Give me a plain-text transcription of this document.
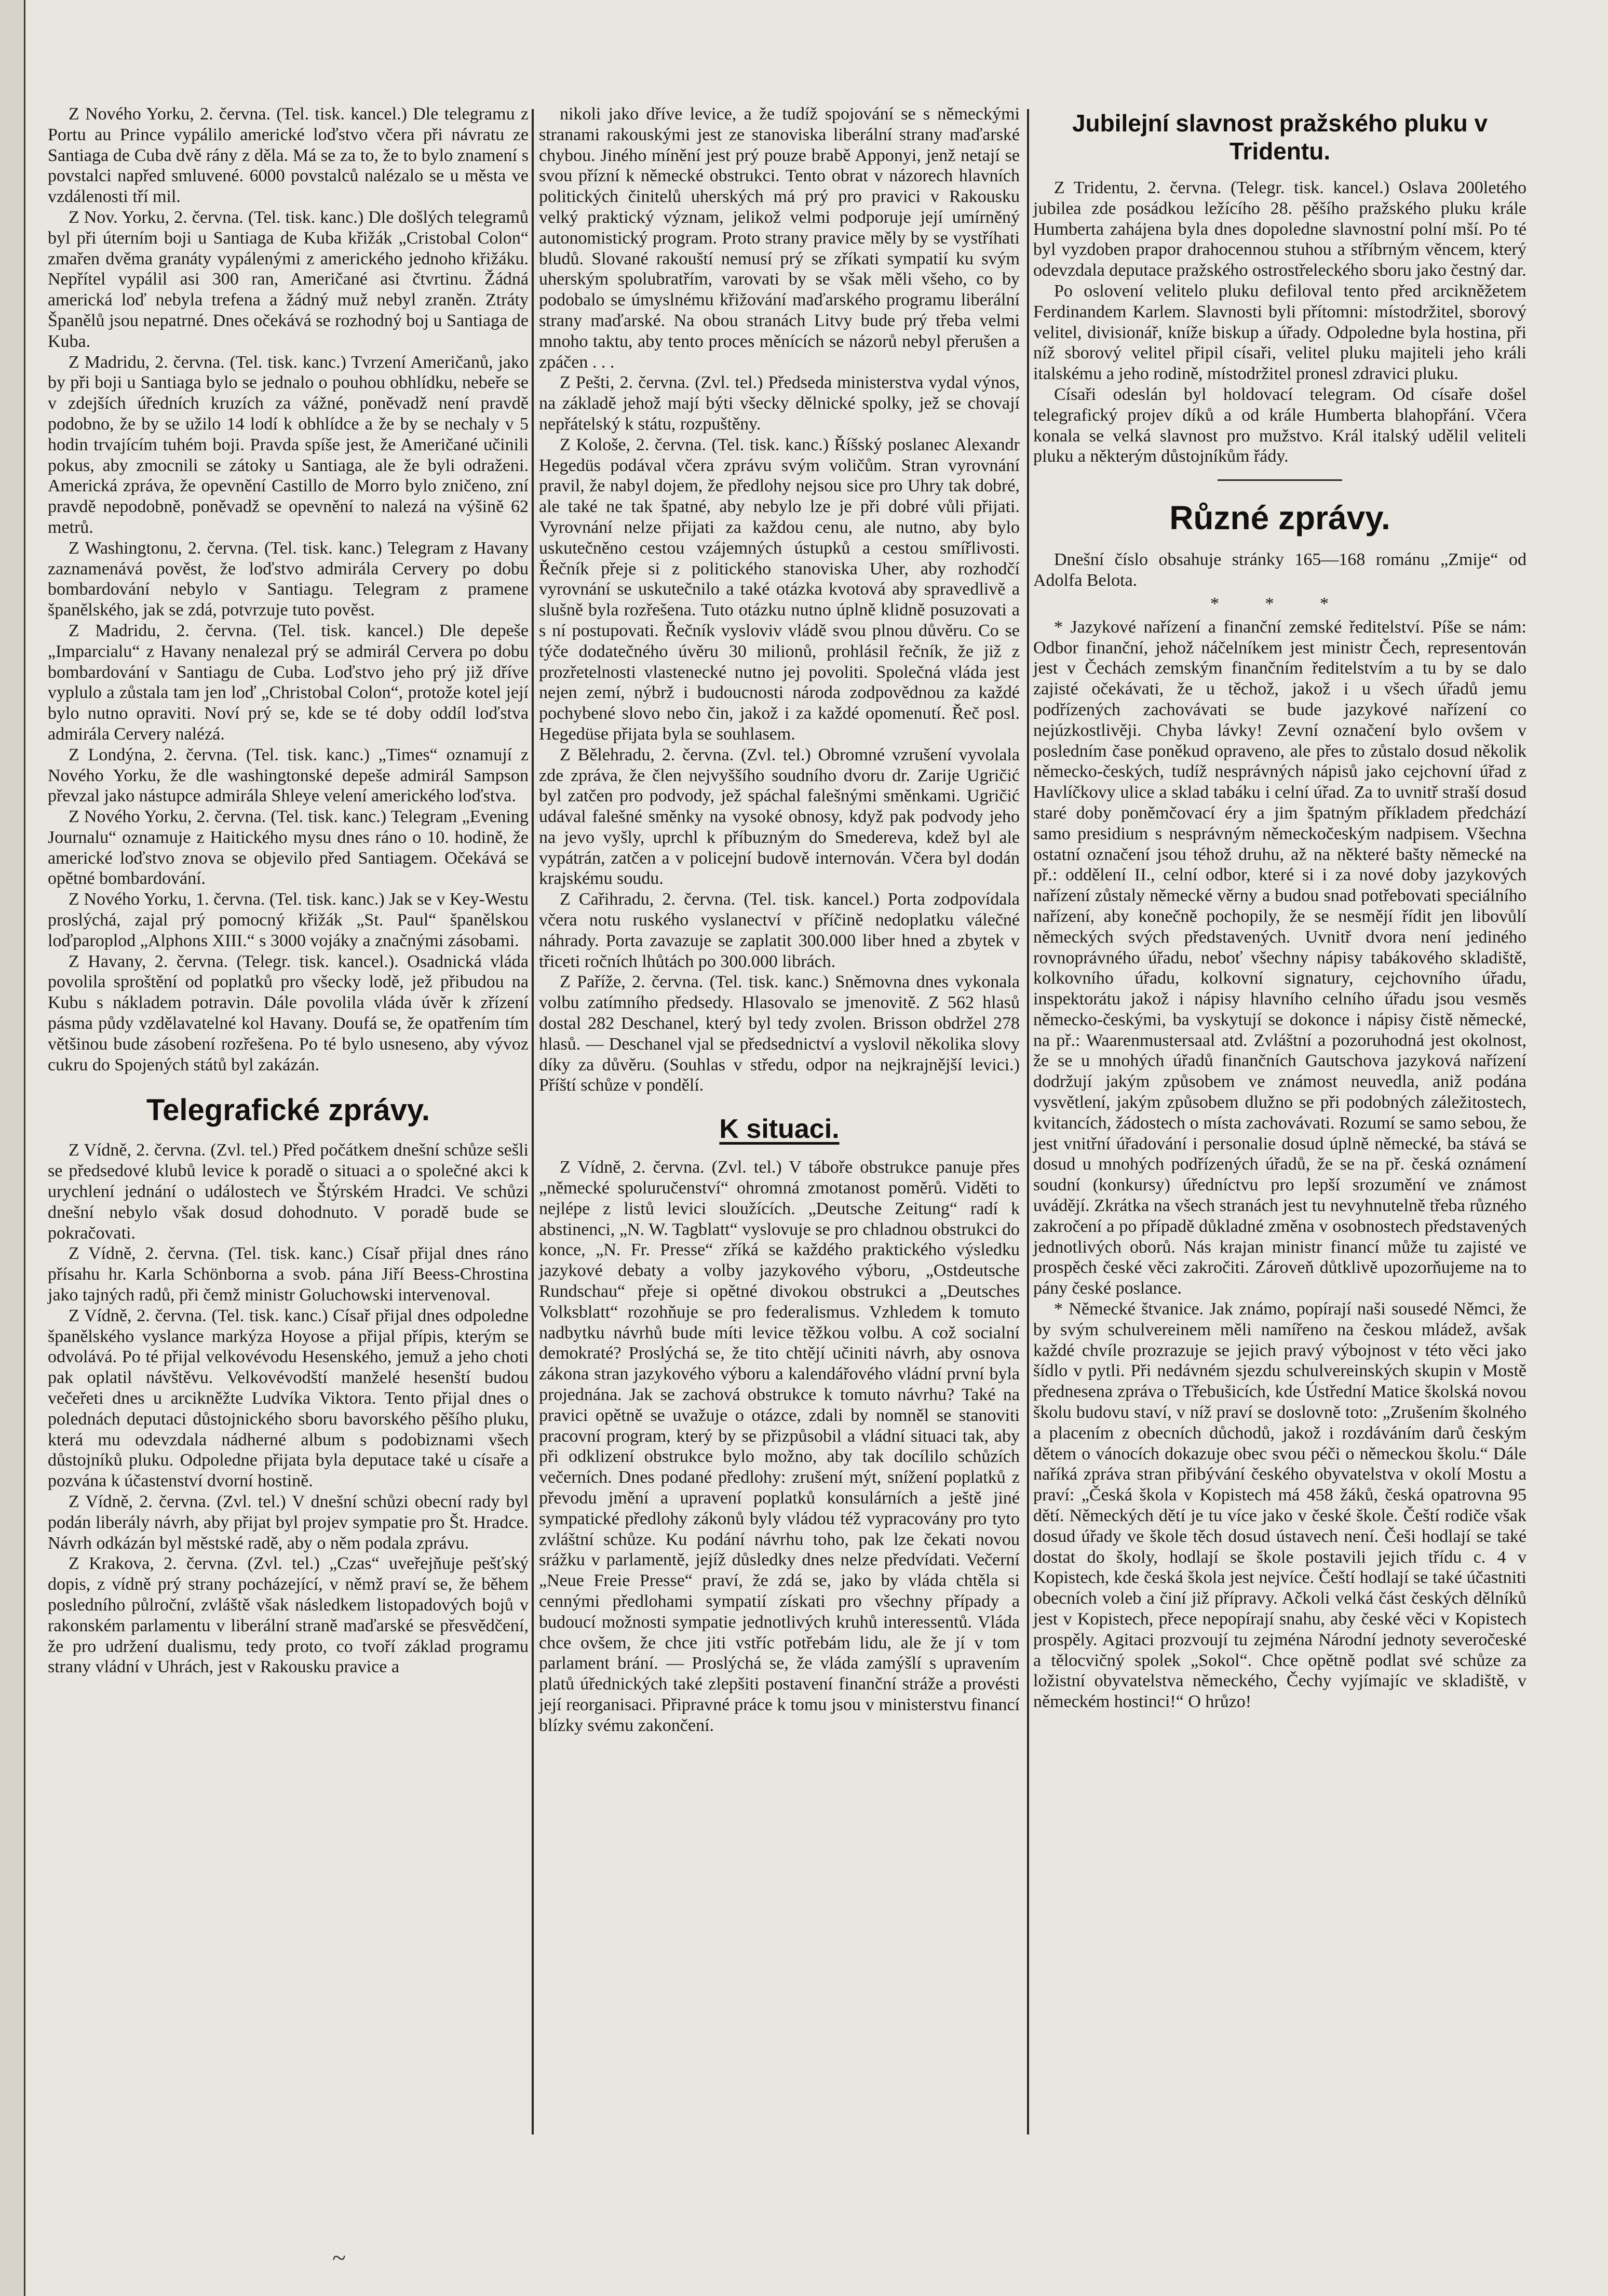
Z Nového Yorku, 2. června. (Tel. tisk. kancel.) Dle telegramu z Portu au Prince vypálilo americké loďstvo včera při návratu ze Santiaga de Cuba dvě rány z děla. Má se za to, že to bylo znamení s povstalci napřed smluvené. 6000 povstalců nalézalo se u města ve vzdálenosti tří mil.

Z Nov. Yorku, 2. června. (Tel. tisk. kanc.) Dle došlých telegramů byl při úterním boji u Santiaga de Kuba křižák „Cristobal Colon“ zmařen dvěma granáty vypálenými z amerického jednoho křižáku. Nepřítel vypálil asi 300 ran, Američané asi čtvrtinu. Žádná americká loď nebyla trefena a žádný muž nebyl zraněn. Ztráty Španělů jsou nepatrné. Dnes očekává se rozhodný boj u Santiaga de Kuba.

Z Madridu, 2. června. (Tel. tisk. kanc.) Tvrzení Američanů, jako by při boji u Santiaga bylo se jednalo o pouhou obhlídku, nebeře se v zdejších úředních kruzích za vážné, poněvadž není pravdě podobno, že by se užilo 14 lodí k obhlídce a že by se nechaly v 5 hodin trvajícím tuhém boji. Pravda spíše jest, že Američané učinili pokus, aby zmocnili se zátoky u Santiaga, ale že byli odraženi. Americká zpráva, že opevnění Castillo de Morro bylo zničeno, zní pravdě nepodobně, poněvadž se opevnění to nalezá na výšině 62 metrů.

Z Washingtonu, 2. června. (Tel. tisk. kanc.) Telegram z Havany zaznamenává pověst, že loďstvo admirála Cervery po dobu bombardování nebylo v Santiagu. Telegram z pramene španělského, jak se zdá, potvrzuje tuto pověst.

Z Madridu, 2. června. (Tel. tisk. kancel.) Dle depeše „Imparcialu“ z Havany nenalezal prý se admirál Cervera po dobu bombardování v Santiagu de Cuba. Loďstvo jeho prý již dříve vyplulo a zůstala tam jen loď „Christobal Colon“, protože kotel její bylo nutno opraviti. Noví prý se, kde se té doby oddíl loďstva admirála Cervery nalézá.

Z Londýna, 2. června. (Tel. tisk. kanc.) „Times“ oznamují z Nového Yorku, že dle washingtonské depeše admirál Sampson převzal jako nástupce admirála Shleye velení amerického loďstva.

Z Nového Yorku, 2. června. (Tel. tisk. kanc.) Telegram „Evening Journalu“ oznamuje z Haitického mysu dnes ráno o 10. hodině, že americké loďstvo znova se objevilo před Santiagem. Očekává se opětné bombardování.

Z Nového Yorku, 1. června. (Tel. tisk. kanc.) Jak se v Key-Westu proslýchá, zajal prý pomocný křižák „St. Paul“ španělskou loďparoplod „Alphons XIII.“ s 3000 vojáky a značnými zásobami.

Z Havany, 2. června. (Telegr. tisk. kancel.). Osadnická vláda povolila sproštění od poplatků pro všecky lodě, jež přibudou na Kubu s nákladem potravin. Dále povolila vláda úvěr k zřízení pásma půdy vzdělavatelné kol Havany. Doufá se, že opatřením tím většinou bude zásobení rozřešena. Po té bylo usneseno, aby vývoz cukru do Spojených států byl zakázán.

Telegrafické zprávy.

Z Vídně, 2. června. (Zvl. tel.) Před počátkem dnešní schůze sešli se předsedové klubů levice k poradě o situaci a o společné akci k urychlení jednání o událostech ve Štýrském Hradci. Ve schůzi dnešní nebylo však dosud dohodnuto. V poradě bude se pokračovati.

Z Vídně, 2. června. (Tel. tisk. kanc.) Císař přijal dnes ráno přísahu hr. Karla Schönborna a svob. pána Jiří Beess-Chrostina jako tajných radů, při čemž ministr Goluchowski intervenoval.

Z Vídně, 2. června. (Tel. tisk. kanc.) Císař přijal dnes odpoledne španělského vyslance markýza Hoyose a přijal přípis, kterým se odvolává. Po té přijal velkovévodu Hesenského, jemuž a jeho choti pak oplatil návštěvu. Velkovévodští manželé hesenští budou večeřeti dnes u arcikněžte Ludvíka Viktora. Tento přijal dnes o polednách deputaci důstojnického sboru bavorského pěšího pluku, která mu odevzdala nádherné album s podobiznami všech důstojníků pluku. Odpoledne přijata byla deputace také u císaře a pozvána k účastenství dvorní hostině.

Z Vídně, 2. června. (Zvl. tel.) V dnešní schůzi obecní rady byl podán liberály návrh, aby přijat byl projev sympatie pro Št. Hradce. Návrh odkázán byl městské radě, aby o něm podala zprávu.

Z Krakova, 2. června. (Zvl. tel.) „Czas“ uveřejňuje pešťský dopis, z vídně prý strany pocházející, v němž praví se, že během posledního půlroční, zvláště však následkem listopadových bojů v rakonském parlamentu v liberální straně maďarské se přesvědčení, že pro udržení dualismu, tedy proto, co tvoří základ programu strany vládní v Uhrách, jest v Rakousku pravice a

nikoli jako dříve levice, a že tudíž spojování se s německými stranami rakouskými jest ze stanoviska liberální strany maďarské chybou. Jiného mínění jest prý pouze brabě Apponyi, jenž netají se svou přízní k německé obstrukci. Tento obrat v názorech hlavních politických činitelů uherských má prý pro pravici v Rakousku velký praktický význam, jelikož velmi podporuje její umírněný autonomistický program. Proto strany pravice měly by se vystříhati bludů. Slované rakouští nemusí prý se zříkati sympatií ku svým uherským spolubratřím, varovati by se však měli všeho, co by podobalo se úmyslnému křižování maďarského programu liberální strany maďarské. Na obou stranách Litvy bude prý třeba velmi mnoho taktu, aby tento proces měnících se názorů nebyl přerušen a zpáčen . . .

Z Pešti, 2. června. (Zvl. tel.) Předseda ministerstva vydal výnos, na základě jehož mají býti všecky dělnické spolky, jež se chovají nepřátelský k státu, rozpuštěny.

Z Kološe, 2. června. (Tel. tisk. kanc.) Říšský poslanec Alexandr Hegedüs podával včera zprávu svým voličům. Stran vyrovnání pravil, že nabyl dojem, že předlohy nejsou sice pro Uhry tak dobré, ale také ne tak špatné, aby nebylo lze je při dobré vůli přijati. Vyrovnání nelze přijati za každou cenu, ale nutno, aby bylo uskutečněno cestou vzájemných ústupků a cestou smířlivosti. Řečník přeje si z politického stanoviska Uher, aby rozhodčí vyrovnání se uskutečnilo a také otázka kvotová aby spravedlivě a slušně byla rozřešena. Tuto otázku nutno úplně klidně posuzovati a s ní postupovati. Řečník vysloviv vládě svou plnou důvěru. Co se týče dodatečného úvěru 30 milionů, prohlásil řečník, že již z prozřetelnosti vlastenecké nutno jej povoliti. Společná vláda jest nejen zemí, nýbrž i budoucnosti národa zodpovědnou za každé pochybené slovo nebo čin, jakož i za každé opomenutí. Řeč posl. Hegedüse přijata byla se souhlasem.

Z Bělehradu, 2. června. (Zvl. tel.) Obromné vzrušení vyvolala zde zpráva, že člen nejvyššího soudního dvoru dr. Zarije Ugričić byl zatčen pro podvody, jež spáchal falešnými směnkami. Ugričić udával falešné směnky na vysoké obnosy, když pak podvody jeho na jevo vyšly, uprchl k příbuzným do Smederevа, kdež byl ale vypátrán, zatčen a v policejní budově internován. Včera byl dodán krajskému soudu.

Z Cařihradu, 2. června. (Tel. tisk. kancel.) Porta zodpovídala včera notu ruského vyslanectví v příčině nedoplatku válečné náhrady. Porta zavazuje se zaplatit 300.000 liber hned a zbytek v třiceti ročních lhůtách po 300.000 librách.

Z Paříže, 2. června. (Tel. tisk. kanc.) Sněmovna dnes vykonala volbu zatímního předsedy. Hlasovalo se jmenovitě. Z 562 hlasů dostal 282 Deschanel, který byl tedy zvolen. Brisson obdržel 278 hlasů. — Deschanel vjal se předsednictví a vyslovil několika slovy díky za důvěru. (Souhlas v středu, odpor na nejkrajnější levici.) Příští schůze v pondělí.

K situaci.

Z Vídně, 2. června. (Zvl. tel.) V táboře obstrukce panuje přes „německé spoluručenství“ ohromná zmotanost poměrů. Viděti to nejlépe z listů levici sloužících. „Deutsche Zeitung“ radí k abstinenci, „N. W. Tagblatt“ vyslovuje se pro chladnou obstrukci do konce, „N. Fr. Presse“ zříká se každého praktického výsledku jazykové debaty a volby jazykového výboru, „Ostdeutsche Rundschau“ přeje si opětné divokou obstrukci a „Deutsches Volksblatt“ rozohňuje se pro federalismus. Vzhledem k tomuto nadbytku návrhů bude míti levice těžkou volbu. A což socialní demokraté? Proslýchá se, že tito chtějí učiniti návrh, aby osnova zákona stran jazykového výboru a kalendářového vládní první byla projednána. Jak se zachová obstrukce k tomuto návrhu? Také na pravici opětně se uvažuje o otázce, zdali by nomněl se stanoviti pracovní program, který by se přizpůsobil a vládní situaci tak, aby při odklizení obstrukce bylo možno, aby tak docílilo schůzích večerních. Dnes podané předlohy: zrušení mýt, snížení poplatků z převodu jmění a upravení poplatků konsulárních a ještě jiné sympatické předlohy zákonů byly vládou též vypracovány pro tyto zvláštní schůze. Ku podání návrhu toho, pak lze čekati novou srážku v parlamentě, jejíž důsledky dnes nelze předvídati. Večerní „Neue Freie Presse“ praví, že zdá se, jako by vláda chtěla si cennými předlohami sympatií získati pro všechny případy a budoucí možnosti sympatie jednotlivých kruhů interessentů. Vláda chce ovšem, že chce jiti vstříc potřebám lidu, ale že jí v tom parlament brání. — Proslýchá se, že vláda zamýšlí s upravením platů úřednických také zlepšiti postavení finanční stráže a provésti její reorganisaci. Připravné práce k tomu jsou v ministerstvu financí blízky svému zakončení.

Jubilejní slavnost pražského pluku v Tridentu.

Z Tridentu, 2. června. (Telegr. tisk. kancel.) Oslava 200letého jubilea zde posádkou ležícího 28. pěšího pražského pluku krále Humberta zahájena byla dnes dopoledne slavnostní polní mší. Po té byl vyzdoben prapor drahocennou stuhou a stříbrným věncem, který odevzdala deputace pražského ostrostřeleckého sboru jako čestný dar.

Po oslovení velitelo pluku defiloval tento před arcikněžetem Ferdinandem Karlem. Slavnosti byli přítomni: místodržitel, sborový velitel, divisionář, kníže biskup a úřady. Odpoledne byla hostina, při níž sborový velitel připil císaři, velitel pluku majiteli jeho králi italskému a jeho rodině, místodržitel pronesl zdravici pluku.

Císaři odeslán byl holdovací telegram. Od císaře došel telegrafický projev díků a od krále Humberta blahopřání. Včera konala se velká slavnost pro mužstvo. Král italský udělil veliteli pluku a některým důstojníkům řády.

Různé zprávy.

Dnešní číslo obsahuje stránky 165—168 románu „Zmije“ od Adolfa Belota.

* * *

* Jazykové nařízení a finanční zemské ředitelství. Píše se nám: Odbor finanční, jehož náčelníkem jest ministr Čech, representován jest v Čechách zemským finančním ředitelstvím a tu by se dalo zajisté očekávati, že u těchož, jakož i u všech úřadů jemu podřízených zachovávati se bude jazykové nařízení co nejúzkostlivěji. Chyba lávky! Zevní označení bylo ovšem v posledním čase poněkud opraveno, ale přes to zůstalo dosud několik německo-českých, tudíž nesprávných nápisů jako cejchovní úřad z Havlíčkovy ulice a sklad tabáku i celní úřad. Za to uvnitř straší dosud staré doby poněmčovací éry a jim špatným příkladem předchází samo presidium s nesprávným německočeským nadpisem. Všechna ostatní označení jsou téhož druhu, až na některé bašty německé na př.: oddělení II., celní odbor, které si i za nové doby jazykových nařízení zůstaly německé věrny a budou snad potřebovati speciálního nařízení, aby konečně pochopily, že se nesmějí řídit jen libovůlí německých svých představených. Uvnitř dvora není jediného rovnoprávného úřadu, neboť všechny nápisy tabákového skladiště, kolkovního úřadu, kolkovní signatury, cejchovního úřadu, inspektorátu jakož i nápisy hlavního celního úřadu jsou vesměs německo-českými, ba vyskytují se dokonce i nápisy čistě německé, na př.: Waarenmustersaal atd. Zvláštní a pozoruhodná jest okolnost, že se u mnohých úřadů finančních Gautschova jazyková nařízení dodržují jakým způsobem ve známost neuvedla, aniž podána vysvětlení, jakým způsobem dlužno se při podobných záležitostech, kvitancích, žádostech o místa zachovávati. Rozumí se samo sebou, že jest vnitřní úřadování i personalie dosud úplně německé, ba stává se dosud u mnohých podřízených úřadů, že se na př. česká oznámení soudní (konkursy) úředníctvu pro lepší srozumění ve známost uvádějí. Zkrátka na všech stranách jest tu nevyhnutelně třeba různého zakročení a po případě důkladné změna v osobnostech představených jednotlivých oborů. Nás krajan ministr financí může tu zajisté ve prospěch české věci zakročiti. Zároveň důtklivě upozorňujeme na to pány české poslance.

* Německé štvanice. Jak známo, popírají naši sousedé Němci, že by svým schulvereinem měli namířeno na českou mládež, avšak každé chvíle prozrazuje se jejich pravý výbojnost v této věci jako šídlo v pytli. Při nedávném sjezdu schulvereinských skupin v Mostě přednesena zpráva o Třebušicích, kde Ústřední Matice školská novou školu budovu staví, v níž praví se doslovně toto: „Zrušením školného a placením z obecních důchodů, jakož i rozdáváním darů českým dětem o vánocích dokazuje obec svou péči o německou školu.“ Dále naříká zpráva stran přibývání českého obyvatelstva v okolí Mostu a praví: „Česká škola v Kopistech má 458 žáků, česká opatrovna 95 dětí. Německých dětí je tu více jako v české škole. Čeští rodiče však dosud úřady ve škole těch dosud ústavech není. Češi hodlají se také dostat do školy, hodlají se škole postavili jejich třídu c. 4 v Kopistech, kde česká škola jest nejvíce. Čeští hodlají se také účastniti obecních voleb a činí již přípravy. Ačkoli velká část českých dělníků jest v Kopistech, přece nepopírají snahu, aby české věci v Kopistech prospěly. Agitaci prozvoují tu zejména Národní jednoty severočeské a tělocvičný spolek „Sokol“. Chce opětně podlat své schůze za ložistní obyvatelstva německého, Čechy vyjímajíc ve skladiště, v německém hostinci!“ O hrůzo!

~
